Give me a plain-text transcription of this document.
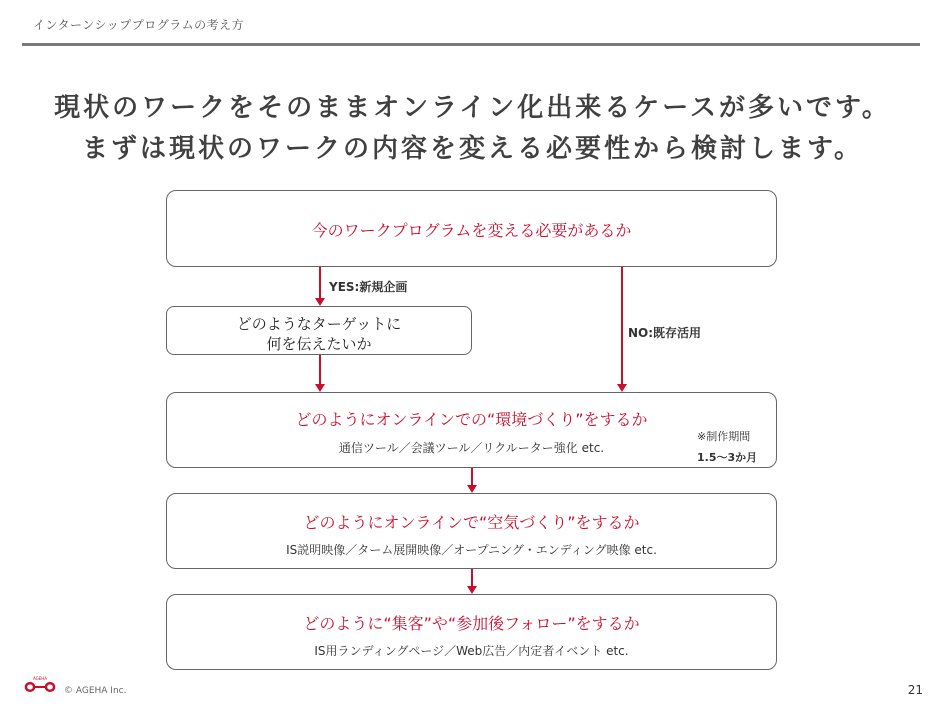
インターンシッププログラムの考え方
現状のワークをそのままオンライン化出来るケースが多いです。
まずは現状のワークの内容を変える必要性から検討します。
今のワークプログラムを変える必要があるか
YES:新規企画
NO:既存活用
どのようなターゲットに
何を伝えたいか
どのようにオンラインでの“環境づくり”をするか
通信ツール／会議ツール／リクルーター強化 etc.
※制作期間
1.5～3か月
どのようにオンラインで“空気づくり”をするか
IS説明映像／ターム展開映像／オープニング・エンディング映像 etc.
どのように“集客”や“参加後フォロー”をするか
IS用ランディングページ／Web広告／内定者イベント etc.
AGEHA
© AGEHA Inc.	21
